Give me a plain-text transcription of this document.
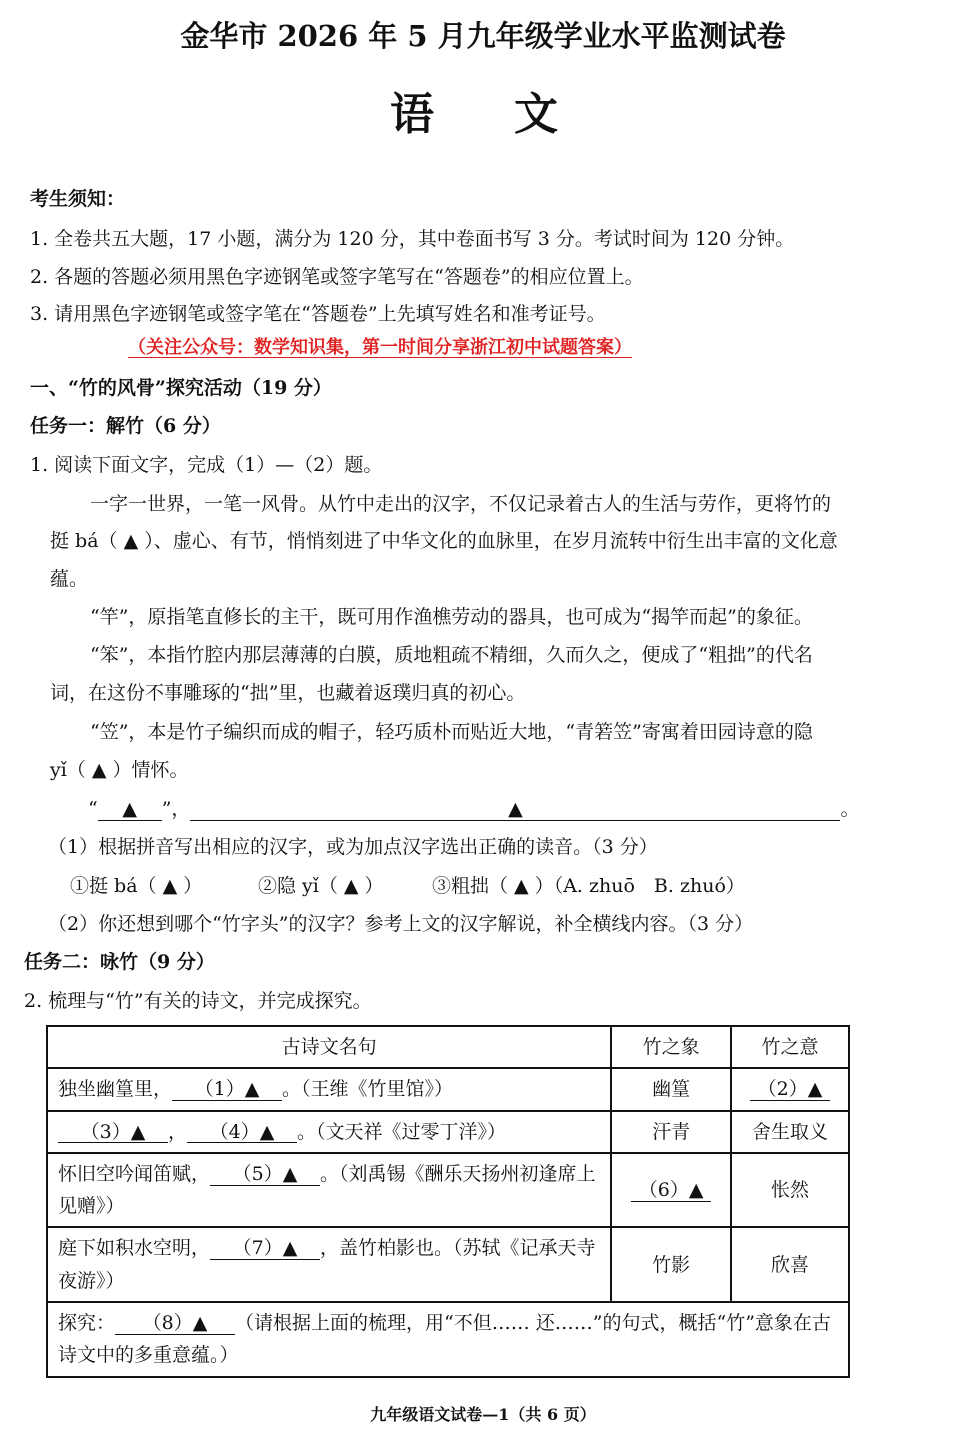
金华市 2026 年 5 月九年级学业水平监测试卷
语　文
考生须知：
1. 全卷共五大题，17 小题，满分为 120 分，其中卷面书写 3 分。考试时间为 120 分钟。
2. 各题的答题必须用黑色字迹钢笔或签字笔写在“答题卷”的相应位置上。
3. 请用黑色字迹钢笔或签字笔在“答题卷”上先填写姓名和准考证号。
（关注公众号：数学知识集，第一时间分享浙江初中试题答案）
一、“竹的风骨”探究活动（19 分）
任务一：解竹（6 分）
1. 阅读下面文字，完成（1）—（2）题。
一字一世界，一笔一风骨。从竹中走出的汉字，不仅记录着古人的生活与劳作，更将竹的
挺 bá（ ▲ ）、虚心、有节，悄悄刻进了中华文化的血脉里，在岁月流转中衍生出丰富的文化意
蕴。
“竿”，原指笔直修长的主干，既可用作渔樵劳动的器具，也可成为“揭竿而起”的象征。
“笨”，本指竹腔内那层薄薄的白膜，质地粗疏不精细，久而久之，便成了“粗拙”的代名
词，在这份不事雕琢的“拙”里，也藏着返璞归真的初心。
“笠”，本是竹子编织而成的帽子，轻巧质朴而贴近大地，“青箬笠”寄寓着田园诗意的隐
yǐ（ ▲ ）情怀。
“ ▲ ”，	▲	。
（1）根据拼音写出相应的汉字，或为加点汉字选出正确的读音。（3 分）
①挺 bá（ ▲ ）	②隐 yǐ（ ▲ ）	③粗拙（ ▲ ）（A. zhuō　B. zhuó）
（2）你还想到哪个“竹字头”的汉字？参考上文的汉字解说，补全横线内容。（3 分）
任务二：咏竹（9 分）
2. 梳理与“竹”有关的诗文，并完成探究。
古诗文名句	竹之象	竹之意
独坐幽篁里， （1）▲ 。（王维《竹里馆》）	幽篁	（2）▲
（3）▲ ， （4）▲ 。（文天祥《过零丁洋》）	汗青	舍生取义
怀旧空吟闻笛赋， （5）▲ 。（刘禹锡《酬乐天扬州初逢席上见赠》）	（6）▲	怅然
庭下如积水空明， （7）▲ ，盖竹柏影也。（苏轼《记承天寺夜游》）	竹影	欣喜
探究： （8）▲ （请根据上面的梳理，用“不但…… 还……”的句式，概括“竹”意象在古诗文中的多重意蕴。）		
九年级语文试卷—1（共 6 页）
